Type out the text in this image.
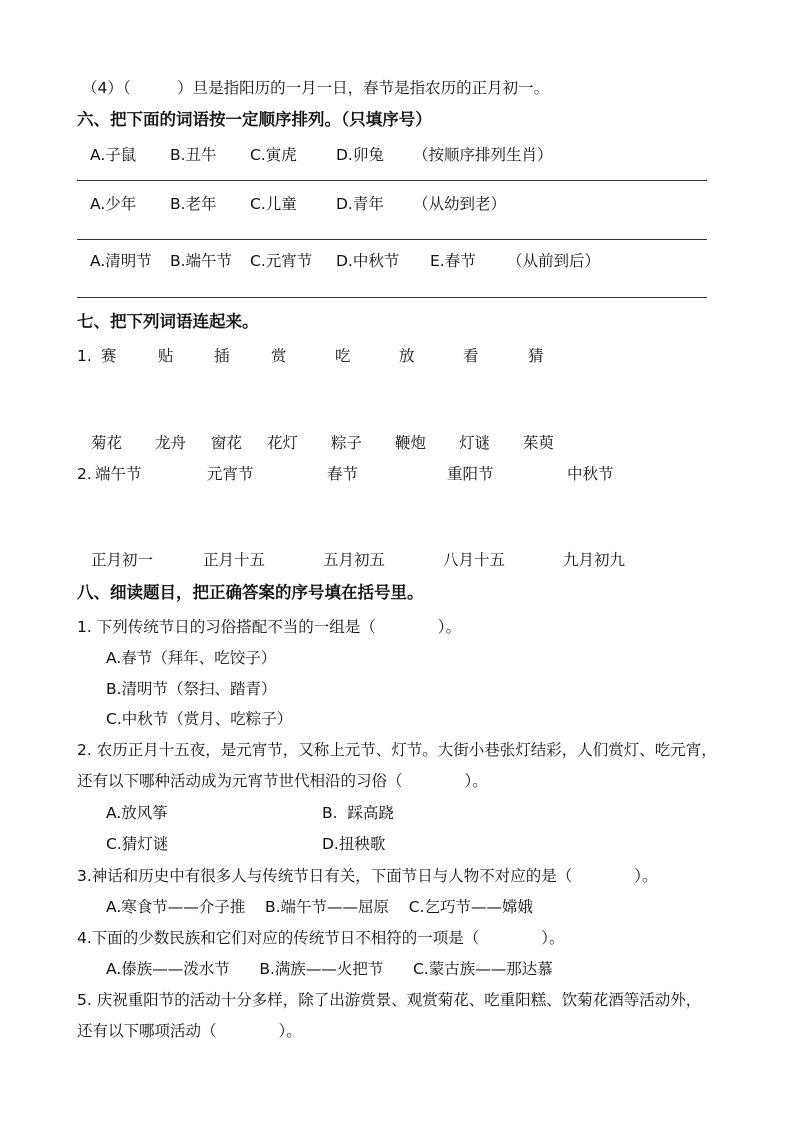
（4）（　　　）旦是指阳历的一月一日，春节是指农历的正月初一。
六、把下面的词语按一定顺序排列。（只填序号）
A.子鼠 B.丑牛 C.寅虎	D.卯兔 （按顺序排列生肖）
A.少年 B.老年 C.儿童	D.青年 （从幼到老）
A.清明节 B.端午节 C.元宵节 D.中秋节 E.春节 （从前到后）
七、把下列词语连起来。
1. 赛	贴	插	赏	吃	放	看	猜
菊花 龙舟 窗花 花灯 粽子 鞭炮 灯谜 茱萸
2. 端午节	元宵节	春节	重阳节	中秋节
正月初一	正月十五	五月初五	八月十五	九月初九
八、细读题目，把正确答案的序号填在括号里。
1. 下列传统节日的习俗搭配不当的一组是（　　　　）。
A.春节（拜年、吃饺子）
B.清明节（祭扫、踏青）
C.中秋节（赏月、吃粽子）
2. 农历正月十五夜，是元宵节，又称上元节、灯节。大街小巷张灯结彩，人们赏灯、吃元宵，
还有以下哪种活动成为元宵节世代相沿的习俗（　　　　）。
A.放风筝	B.  踩高跷
C.猜灯谜	D.扭秧歌
3.神话和历史中有很多人与传统节日有关，下面节日与人物不对应的是（　　　　）。
A.寒食节——介子推    B.端午节——屈原    C.乞巧节——嫦娥
4.下面的少数民族和它们对应的传统节日不相符的一项是（　　　　）。
A.傣族——泼水节      B.满族——火把节      C.蒙古族——那达慕
5. 庆祝重阳节的活动十分多样，除了出游赏景、观赏菊花、吃重阳糕、饮菊花酒等活动外，
还有以下哪项活动（　　　　）。
